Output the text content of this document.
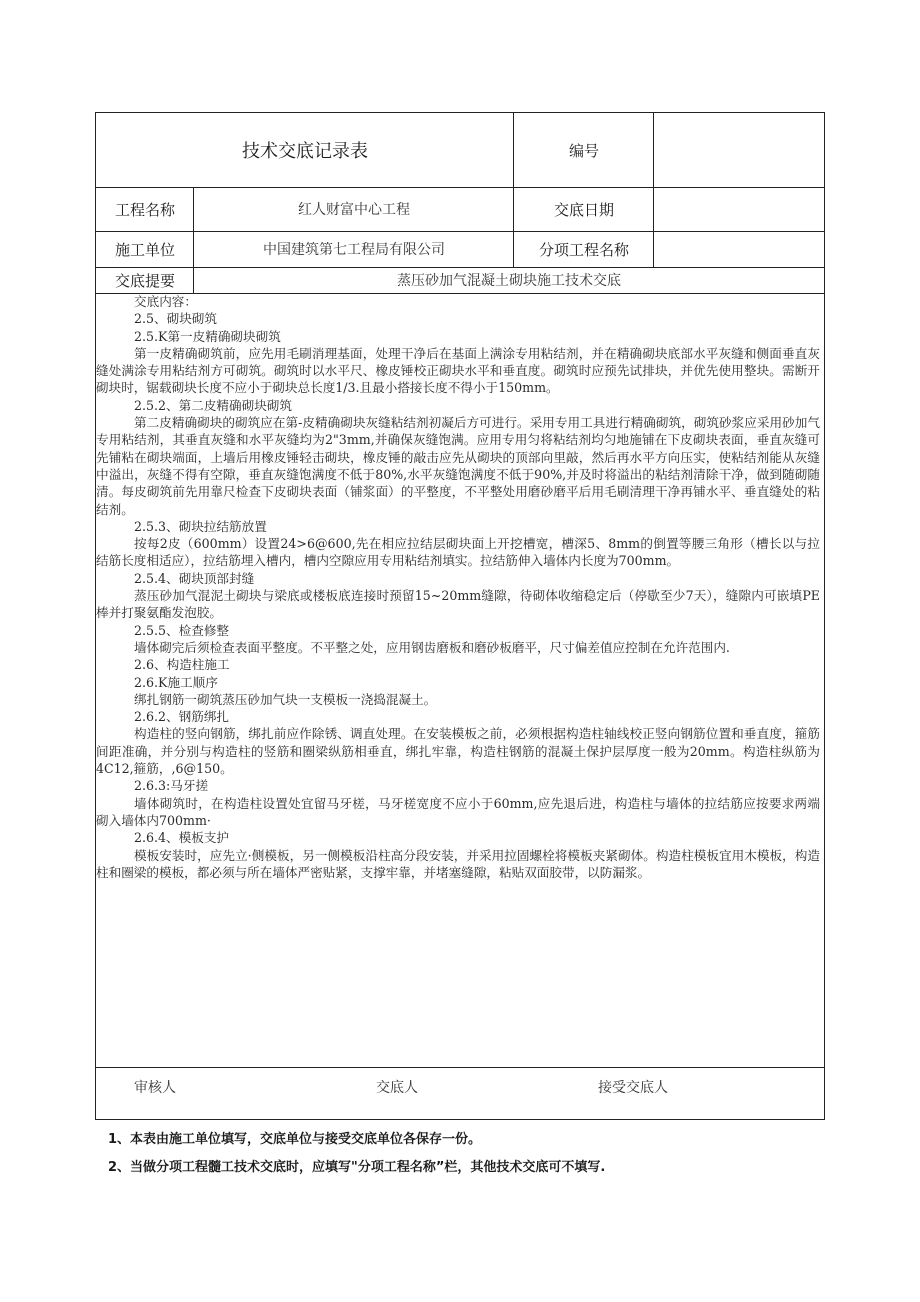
技术交底记录表	编号
工程名称	红人财富中心工程	交底日期
施工单位	中国建筑第七工程局有限公司	分项工程名称
交底提要	蒸压砂加气混凝土砌块施工技术交底

交底内容：

2.5、砌块砌筑

2.5.K第一皮精确砌块砌筑

第一皮精确砌筑前，应先用毛刷消理基面，处理干净后在基面上满涂专用粘结剂，并在精确砌块底部水平灰缝和侧面垂直灰缝处满涂专用粘结剂方可砌筑。砌筑时以水平尺、橡皮锤校正砌块水平和垂直度。砌筑时应预先试排块，并优先使用整块。需断开砌块时，锯载砌块长度不应小于砌块总长度1/3.且最小搭接长度不得小于150mm。

2.5.2、第二皮精确砌块砌筑

第二皮精确砌块的砌筑应在第-皮精确砌块灰缝粘结剂初凝后方可进行。采用专用工具进行精确砌筑，砌筑砂浆应采用砂加气专用粘结剂，其垂直灰缝和水平灰缝均为2"3mm,并确保灰缝饱满。应用专用匀将粘结剂均匀地施铺在下皮砌块表面，垂直灰缝可先铺粘在砌块端面，上墙后用橡皮锤轻击砌块，橡皮锤的敲击应先从砌块的顶部向里敲，然后再水平方向压实，使粘结剂能从灰缝中溢出，灰缝不得有空隙，垂直灰缝饱满度不低于80%,水平灰缝饱满度不低于90%,并及时将溢出的粘结剂清除干净，做到随砌随清。每皮砌筑前先用靠尺检查下皮砌块表面（铺浆面）的平整度，不平整处用磨砂磨平后用毛刷清理干净再铺水平、垂直缝处的粘结剂。

2.5.3、砌块拉结筋放置

按每2皮（600mm）设置24>6@600,先在相应拉结层砌块面上开挖槽宽，槽深5、8mm的倒置等腰三角形（槽长以与拉结筋长度相适应），拉结筋埋入槽内，槽内空隙应用专用粘结剂填实。拉结筋伸入墙体内长度为700mm。

2.5.4、砌块顶部封缝

蒸压砂加气混泥土砌块与梁底或楼板底连接时预留15~20mm缝隙，待砌体收缩稳定后（停歇至少7天），缝隙内可嵌填PE棒并打聚氨酯发泡胶。

2.5.5、检查修整

墙体砌完后须检查表面平整度。不平整之处，应用钢齿磨板和磨砂板磨平，尺寸偏差值应控制在允许范围内.

2.6、构造柱施工

2.6.K施工顺序

绑扎钢筋一砌筑蒸压砂加气块一支模板一浇捣混凝土。

2.6.2、钢筋绑扎

构造柱的竖向钢筋，绑扎前应作除锈、调直处理。在安装模板之前，必须根据构造柱轴线校正竖向钢筋位置和垂直度，箍筋间距准确，并分别与构造柱的竖筋和圈梁纵筋相垂直，绑扎牢靠，构造柱钢筋的混凝土保护层厚度一般为20mm。构造柱纵筋为4C12,箍筋，,6@150。

2.6.3:马牙搓

墙体砌筑时，在构造柱设置处宜留马牙槎，马牙槎宽度不应小于60mm,应先退后进，构造柱与墙体的拉结筋应按要求两端砌入墙体内700mm·

2.6.4、模板支护

模板安装时，应先立·侧模板，另一侧模板沿柱高分段安装，并采用拉固螺栓将模板夹紧砌体。构造柱模板宜用木模板，构造柱和圈梁的模板，都必须与所在墙体严密贴紧，支撑牢靠，并堵塞缝隙，粘贴双面胶带，以防漏浆。

审核人	交底人	接受交底人
1、本表由施工单位填写，交底单位与接受交底单位各保存一份。
2、当做分项工程髓工技术交底时，应填写"分项工程名称”栏，其他技术交底可不填写.
